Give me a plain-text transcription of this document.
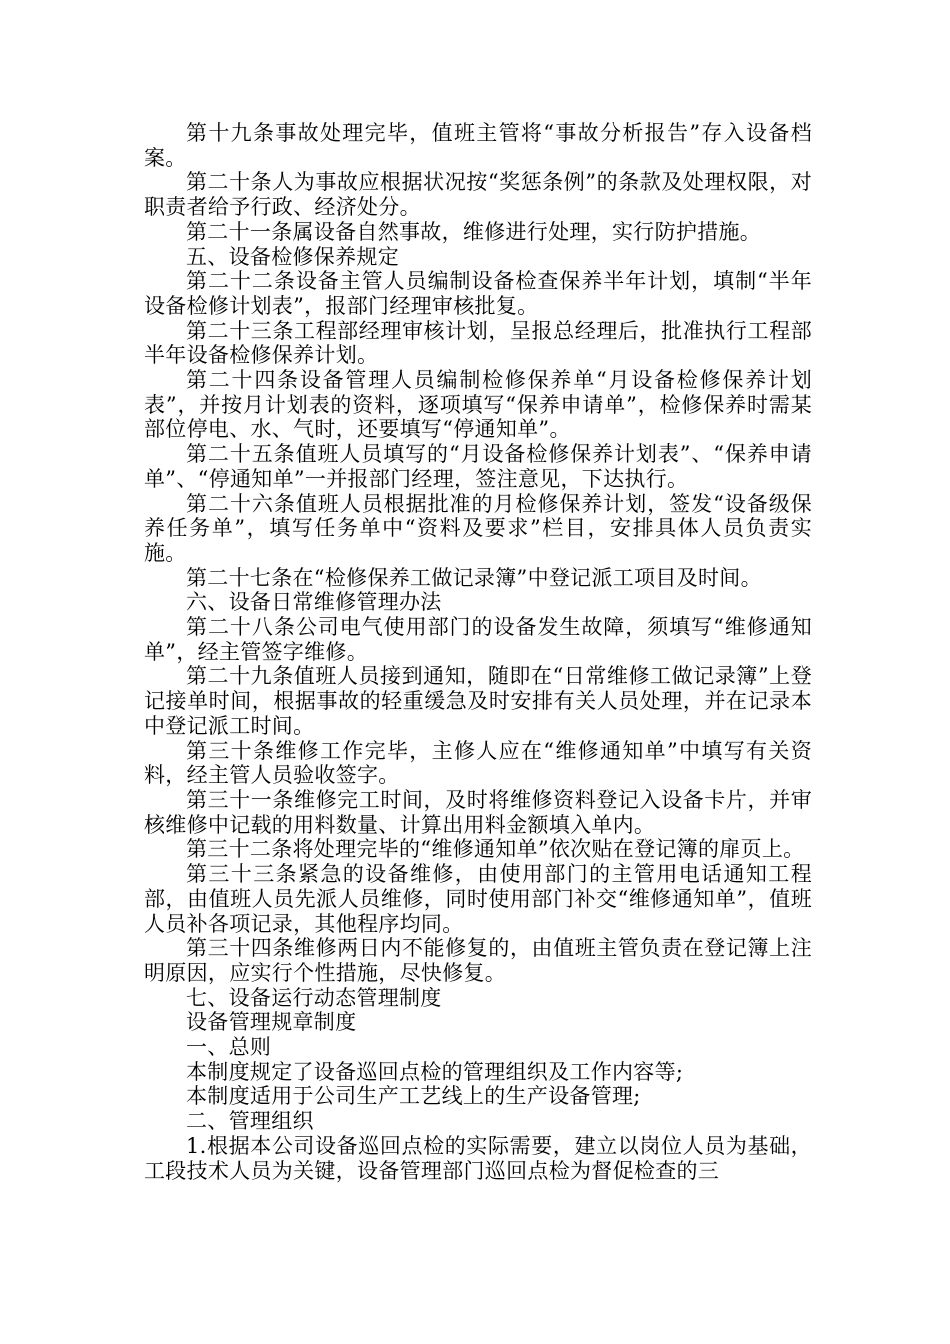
第十九条事故处理完毕，值班主管将“事故分析报告”存入设备档案。

第二十条人为事故应根据状况按“奖惩条例”的条款及处理权限，对职责者给予行政、经济处分。

第二十一条属设备自然事故，维修进行处理，实行防护措施。

五、设备检修保养规定

第二十二条设备主管人员编制设备检查保养半年计划，填制“半年设备检修计划表”，报部门经理审核批复。

第二十三条工程部经理审核计划，呈报总经理后，批准执行工程部半年设备检修保养计划。

第二十四条设备管理人员编制检修保养单“月设备检修保养计划表”，并按月计划表的资料，逐项填写“保养申请单”，检修保养时需某部位停电、水、气时，还要填写“停通知单”。

第二十五条值班人员填写的“月设备检修保养计划表”、“保养申请单”、“停通知单”一并报部门经理，签注意见，下达执行。

第二十六条值班人员根据批准的月检修保养计划，签发“设备级保养任务单”，填写任务单中“资料及要求”栏目，安排具体人员负责实施。

第二十七条在“检修保养工做记录簿”中登记派工项目及时间。

六、设备日常维修管理办法

第二十八条公司电气使用部门的设备发生故障，须填写“维修通知单”，经主管签字维修。

第二十九条值班人员接到通知，随即在“日常维修工做记录簿”上登记接单时间，根据事故的轻重缓急及时安排有关人员处理，并在记录本中登记派工时间。

第三十条维修工作完毕，主修人应在“维修通知单”中填写有关资料，经主管人员验收签字。

第三十一条维修完工时间，及时将维修资料登记入设备卡片，并审核维修中记载的用料数量、计算出用料金额填入单内。

第三十二条将处理完毕的“维修通知单”依次贴在登记簿的扉页上。

第三十三条紧急的设备维修，由使用部门的主管用电话通知工程部，由值班人员先派人员维修，同时使用部门补交“维修通知单”，值班人员补各项记录，其他程序均同。

第三十四条维修两日内不能修复的，由值班主管负责在登记簿上注明原因，应实行个性措施，尽快修复。

七、设备运行动态管理制度

设备管理规章制度

一、总则

本制度规定了设备巡回点检的管理组织及工作内容等;

本制度适用于公司生产工艺线上的生产设备管理;

二、管理组织

1.根据本公司设备巡回点检的实际需要，建立以岗位人员为基础，工段技术人员为关键，设备管理部门巡回点检为督促检查的三
